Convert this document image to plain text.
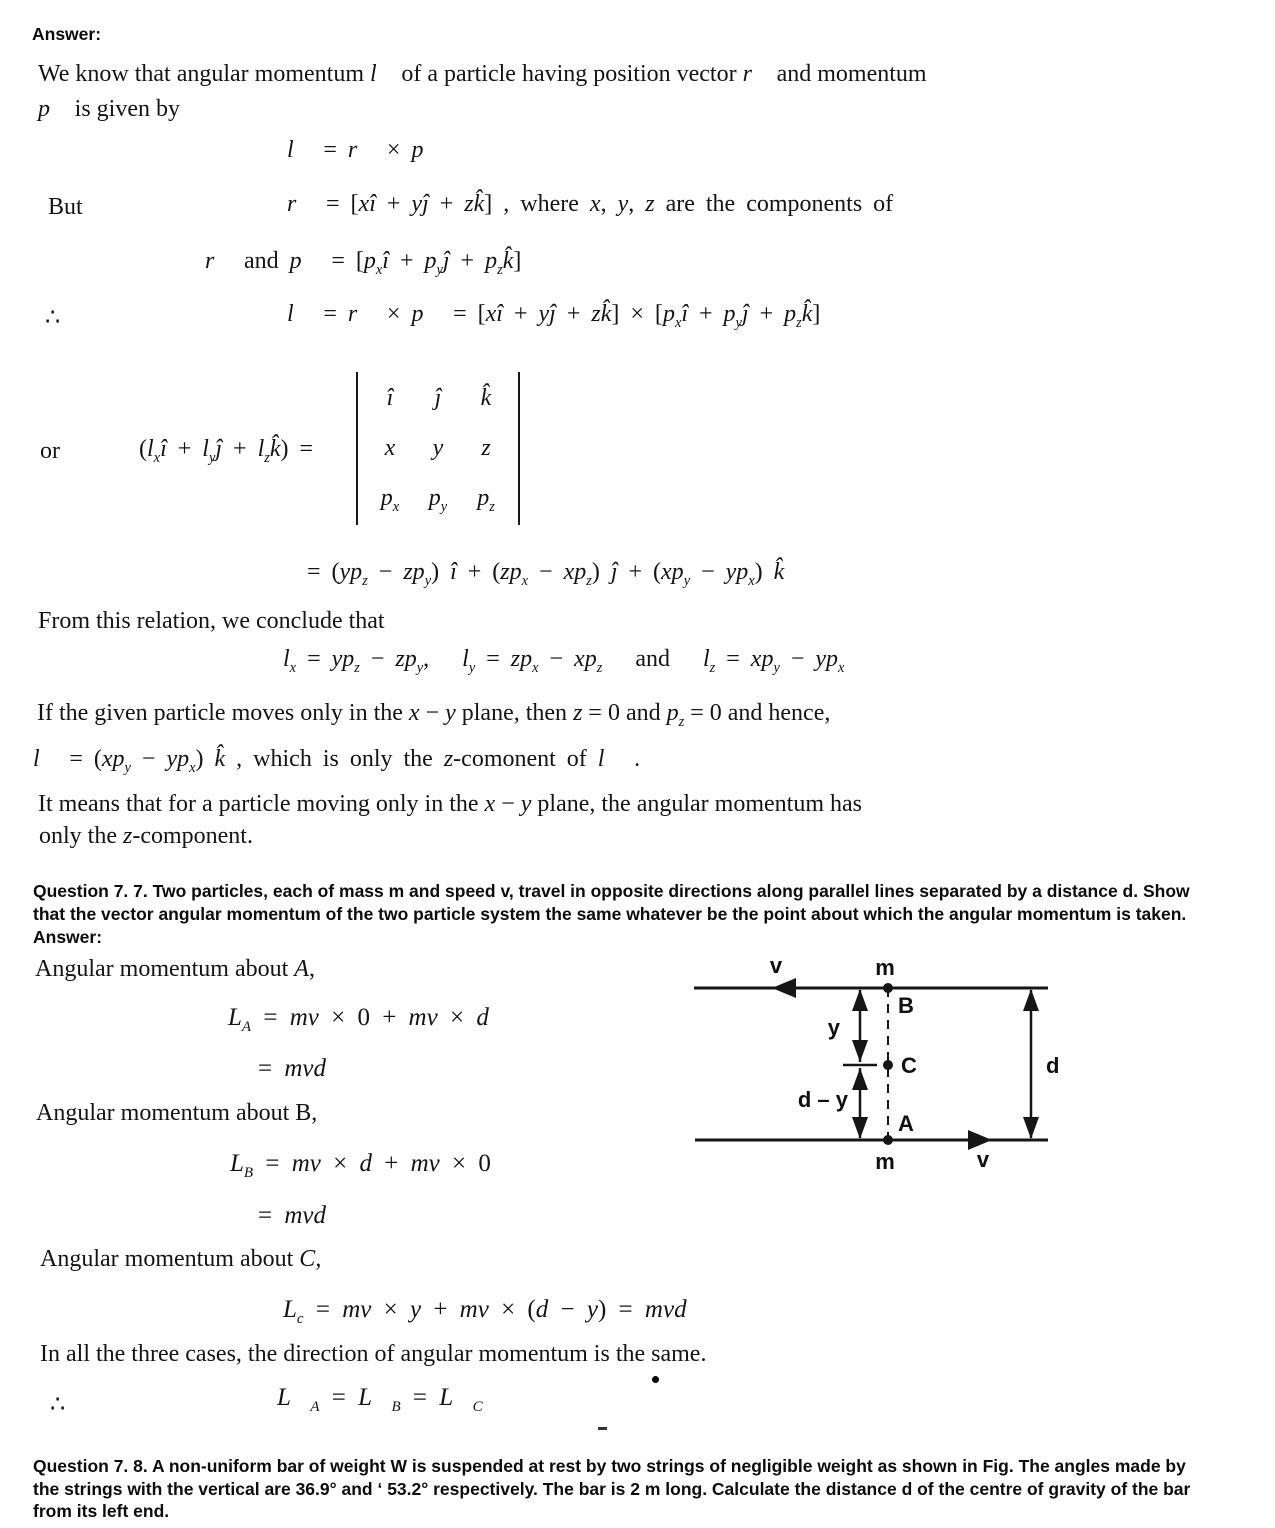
Answer:
We know that angular momentum l⃗ of a particle having position vector r⃗ and momentum
p⃗ is given by
l⃗ = r⃗ × p⃗
But	r⃗ = [xî + yĵ + zk̂] , where x, y, z are the components of
r⃗ and p⃗ = [$p_xî$ + $p_yĵ$ + $p_zk̂$]
∴	l⃗ = r⃗ × p⃗ = [xî + yĵ + zk̂] × [$p_xî$ + $p_yĵ$ + $p_zk̂$]
or	($l_xî$ + $l_yĵ$ + $l_zk̂$) =
î ĵ k̂
x y z
$p_x$ $p_y$ $p_z$
= $(yp_z - zp_y)$ î + $(zp_x - xp_z)$ ĵ + $(xp_y - yp_x)$ k̂
From this relation, we conclude that
$l_x = yp_z - zp_y$,   $l_y = zp_x - xp_z$   and   $l_z = xp_y - yp_x$
If the given particle moves only in the x − y plane, then z = 0 and $p_z = 0$ and hence,
l⃗ = $(xp_y - yp_x)$ k̂ , which is only the z-comonent of l⃗ .
It means that for a particle moving only in the x − y plane, the angular momentum has
only the z-component.
Question 7. 7. Two particles, each of mass m and speed v, travel in opposite directions along parallel lines separated by a distance d. Show
that the vector angular momentum of the two particle system the same whatever be the point about which the angular momentum is taken.
Answer:
Angular momentum about A,
$L_A$ = mv × 0 + mv × d
= mvd
Angular momentum about B,
$L_B$ = mv × d + mv × 0
= mvd
Angular momentum about C,
$L_c$ = mv × y + mv × (d − y) = mvd
In all the three cases, the direction of angular momentum is the same.
∴	$L⃗_A$ = $L⃗_B$ = $L⃗_C$
v	m
B
y
C
d – y
A
m	v
d
Question 7. 8. A non-uniform bar of weight W is suspended at rest by two strings of negligible weight as shown in Fig. The angles made by
the strings with the vertical are 36.9° and ‘ 53.2° respectively. The bar is 2 m long. Calculate the distance d of the centre of gravity of the bar
from its left end.
